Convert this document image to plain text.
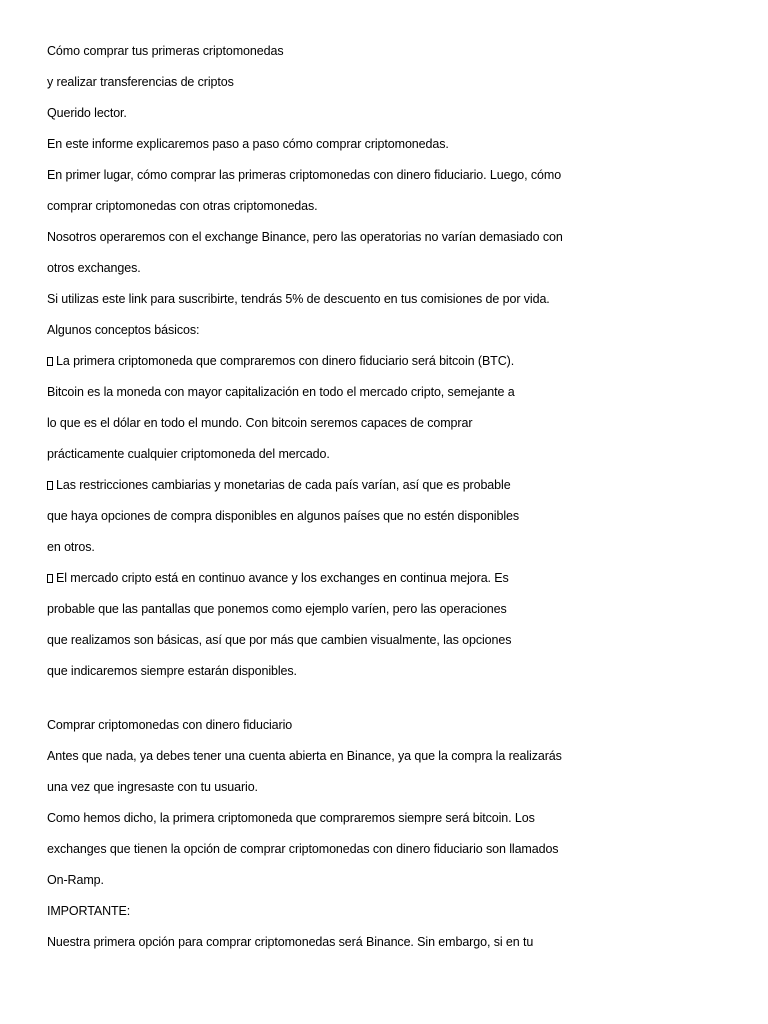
Cómo comprar tus primeras criptomonedas
y realizar transferencias de criptos
Querido lector.
En este informe explicaremos paso a paso cómo comprar criptomonedas.
En primer lugar, cómo comprar las primeras criptomonedas con dinero fiduciario. Luego, cómo
comprar criptomonedas con otras criptomonedas.
Nosotros operaremos con el exchange Binance, pero las operatorias no varían demasiado con
otros exchanges.
Si utilizas este link para suscribirte, tendrás 5% de descuento en tus comisiones de por vida.
Algunos conceptos básicos:
La primera criptomoneda que compraremos con dinero fiduciario será bitcoin (BTC).
Bitcoin es la moneda con mayor capitalización en todo el mercado cripto, semejante a
lo que es el dólar en todo el mundo. Con bitcoin seremos capaces de comprar
prácticamente cualquier criptomoneda del mercado.
Las restricciones cambiarias y monetarias de cada país varían, así que es probable
que haya opciones de compra disponibles en algunos países que no estén disponibles
en otros.
El mercado cripto está en continuo avance y los exchanges en continua mejora. Es
probable que las pantallas que ponemos como ejemplo varíen, pero las operaciones
que realizamos son básicas, así que por más que cambien visualmente, las opciones
que indicaremos siempre estarán disponibles.
Comprar criptomonedas con dinero fiduciario
Antes que nada, ya debes tener una cuenta abierta en Binance, ya que la compra la realizarás
una vez que ingresaste con tu usuario.
Como hemos dicho, la primera criptomoneda que compraremos siempre será bitcoin. Los
exchanges que tienen la opción de comprar criptomonedas con dinero fiduciario son llamados
On-Ramp.
IMPORTANTE:
Nuestra primera opción para comprar criptomonedas será Binance. Sin embargo, si en tu
